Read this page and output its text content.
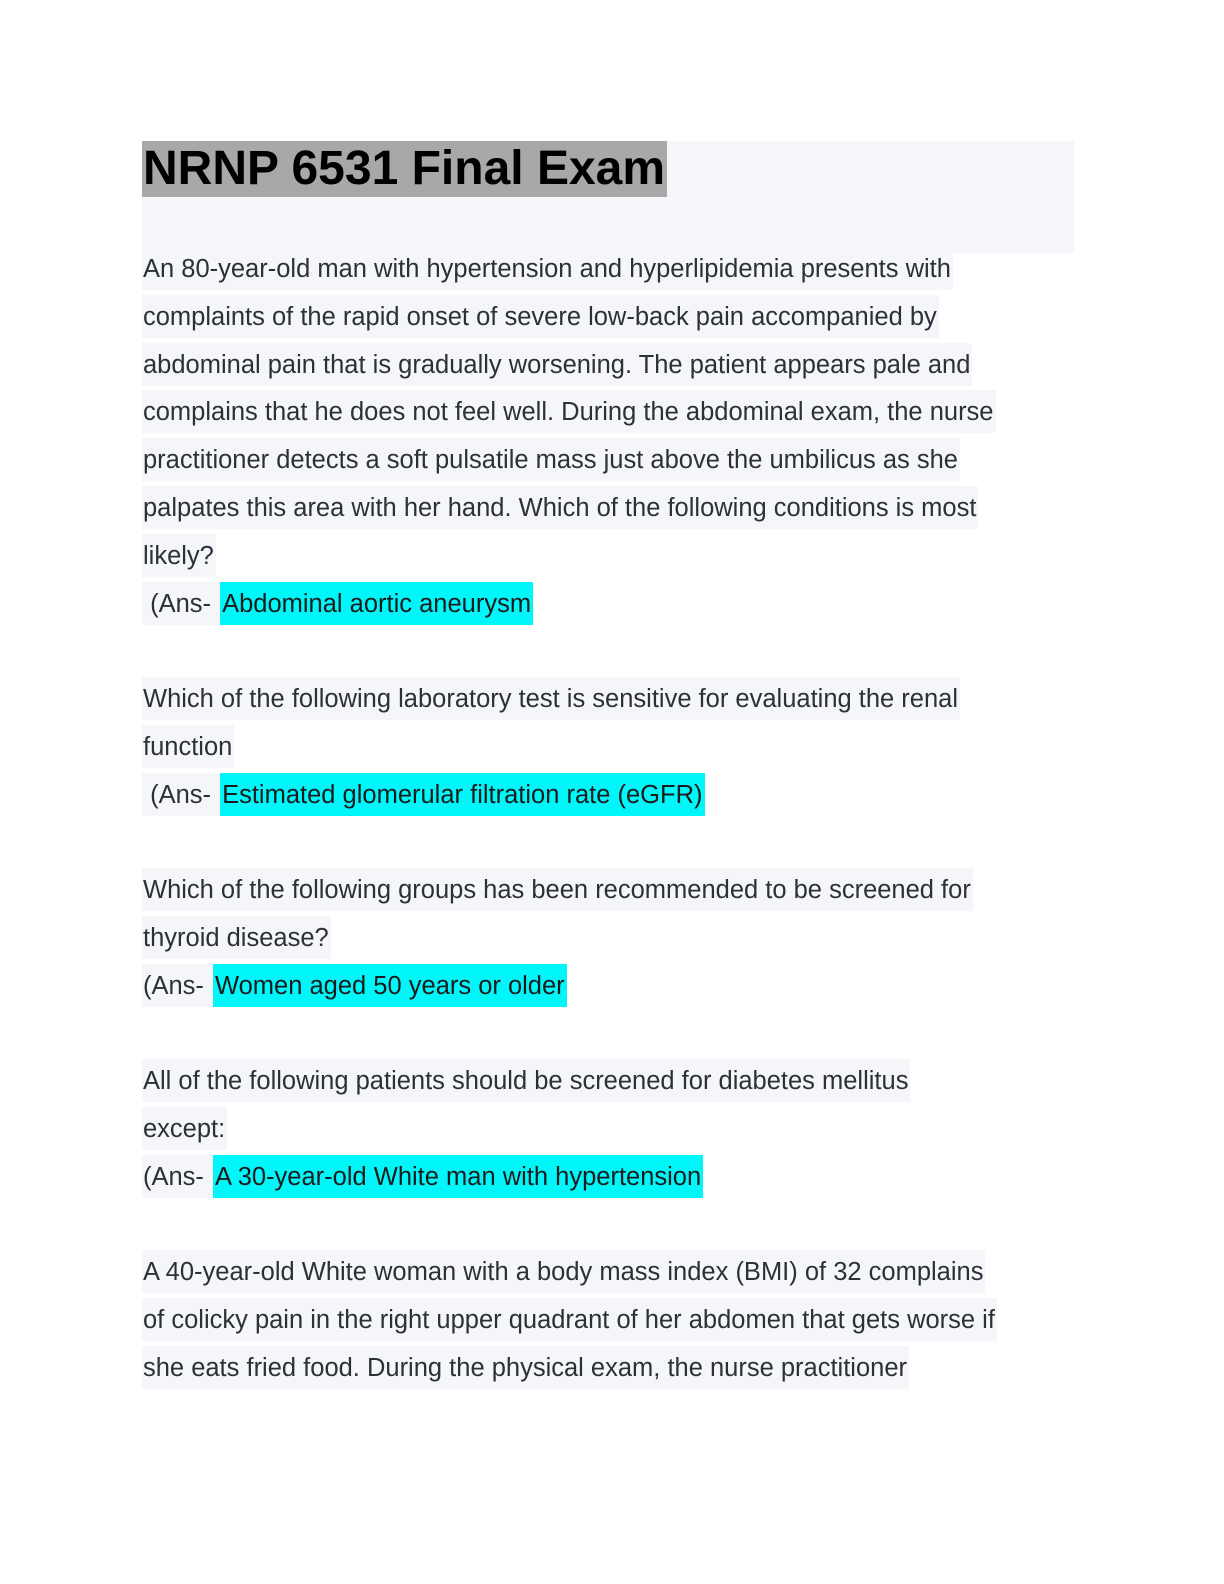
NRNP 6531 Final Exam
An 80-year-old man with hypertension and hyperlipidemia presents with
complaints of the rapid onset of severe low-back pain accompanied by
abdominal pain that is gradually worsening. The patient appears pale and
complains that he does not feel well. During the abdominal exam, the nurse
practitioner detects a soft pulsatile mass just above the umbilicus as she
palpates this area with her hand. Which of the following conditions is most
likely?
(Ans- Abdominal aortic aneurysm
Which of the following laboratory test is sensitive for evaluating the renal
function
(Ans- Estimated glomerular filtration rate (eGFR)
Which of the following groups has been recommended to be screened for
thyroid disease?
(Ans- Women aged 50 years or older
All of the following patients should be screened for diabetes mellitus
except:
(Ans- A 30-year-old White man with hypertension
A 40-year-old White woman with a body mass index (BMI) of 32 complains
of colicky pain in the right upper quadrant of her abdomen that gets worse if
she eats fried food. During the physical exam, the nurse practitioner
